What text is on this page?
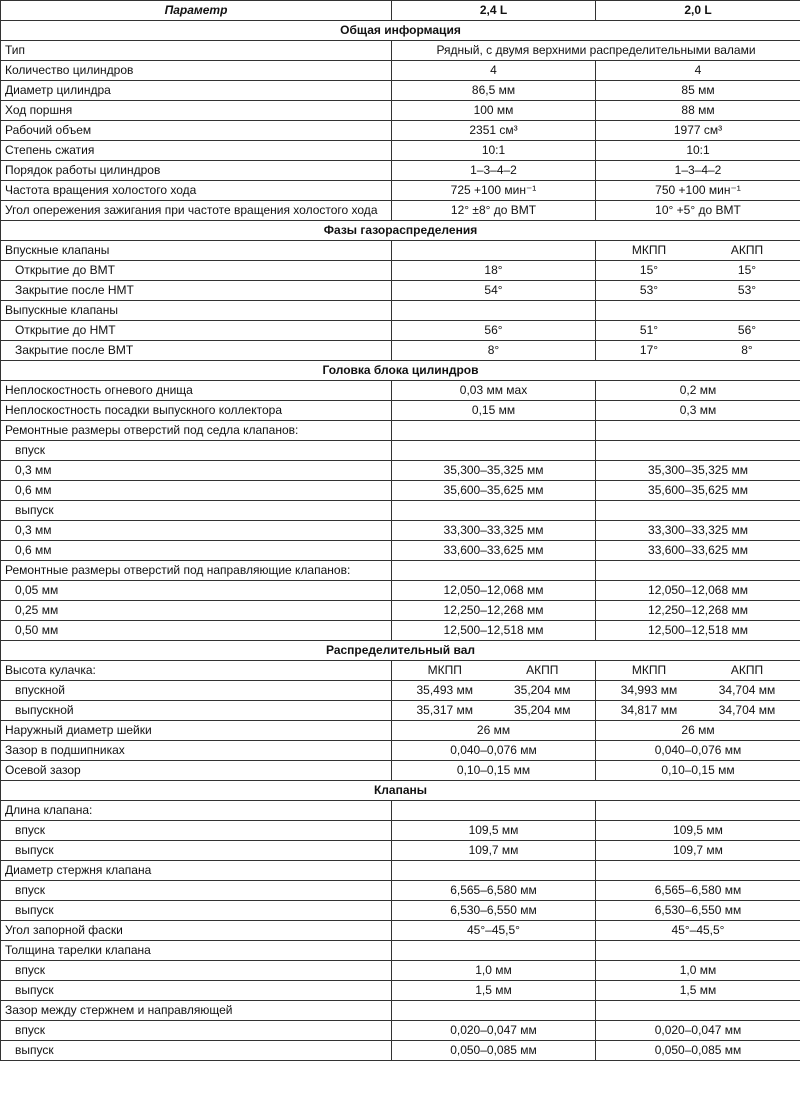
Параметр	2,4 L	2,0 L
Общая информация		
Тип	Рядный, с двумя верхними распределительными валами	
Количество цилиндров	4	4
Диаметр цилиндра	86,5 мм	85 мм
Ход поршня	100 мм	88 мм
Рабочий объем	2351 см³	1977 см³
Степень сжатия	10:1	10:1
Порядок работы цилиндров	1–3–4–2	1–3–4–2
Частота вращения холостого хода	725 +100 мин⁻¹	750 +100 мин⁻¹
Угол опережения зажигания при частоте вращения холостого хода	12° ±8° до ВМТ	10° +5° до ВМТ
Фазы газораспределения		
Впускные клапаны		МКПП АКПП

Открытие до ВМТ	18°	15° 15°

Закрытие после НМТ	54°	53° 53°

Выпускные клапаны		
Открытие до НМТ	56°	51° 56°

Закрытие после ВМТ	8°	17° 8°

Головка блока цилиндров		
Неплоскостность огневого днища	0,03 мм мах	0,2 мм
Неплоскостность посадки выпускного коллектора	0,15 мм	0,3 мм
Ремонтные размеры отверстий под седла клапанов:		
впуск		
0,3 мм	35,300–35,325 мм	35,300–35,325 мм
0,6 мм	35,600–35,625 мм	35,600–35,625 мм
выпуск		
0,3 мм	33,300–33,325 мм	33,300–33,325 мм
0,6 мм	33,600–33,625 мм	33,600–33,625 мм
Ремонтные размеры отверстий под направляющие клапанов:		
0,05 мм	12,050–12,068 мм	12,050–12,068 мм
0,25 мм	12,250–12,268 мм	12,250–12,268 мм
0,50 мм	12,500–12,518 мм	12,500–12,518 мм
Распределительный вал		
Высота кулачка:	МКПП АКПП	МКПП АКПП

впускной	35,493 мм 35,204 мм	34,993 мм 34,704 мм

выпускной	35,317 мм 35,204 мм	34,817 мм 34,704 мм

Наружный диаметр шейки	26 мм	26 мм
Зазор в подшипниках	0,040–0,076 мм	0,040–0,076 мм
Осевой зазор	0,10–0,15 мм	0,10–0,15 мм
Клапаны		
Длина клапана:		
впуск	109,5 мм	109,5 мм
выпуск	109,7 мм	109,7 мм
Диаметр стержня клапана		
впуск	6,565–6,580 мм	6,565–6,580 мм
выпуск	6,530–6,550 мм	6,530–6,550 мм
Угол запорной фаски	45°–45,5°	45°–45,5°
Толщина тарелки клапана		
впуск	1,0 мм	1,0 мм
выпуск	1,5 мм	1,5 мм
Зазор между стержнем и направляющей		
впуск	0,020–0,047 мм	0,020–0,047 мм
выпуск	0,050–0,085 мм	0,050–0,085 мм
